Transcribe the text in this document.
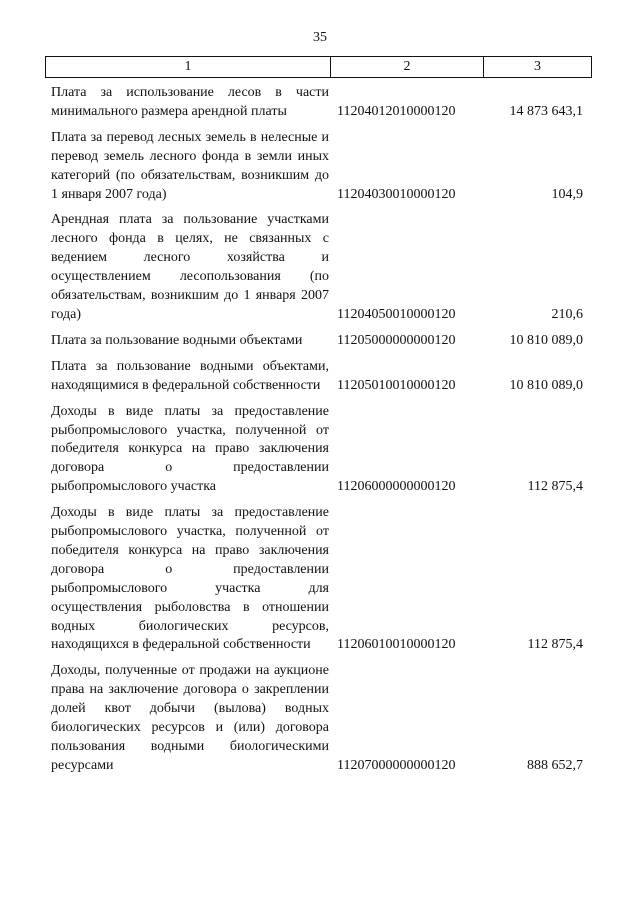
35
1	2	3
Плата за использование лесов в части минимального размера арендной платы	11204012010000120	14 873 643,1
Плата за перевод лесных земель в нелесные и перевод земель лесного фонда в земли иных категорий (по обязательствам, возникшим до 1 января 2007 года)	11204030010000120	104,9
Арендная плата за пользование участками лесного фонда в целях, не связанных с ведением лесного хозяйства и осуществлением лесопользования (по обязательствам, возникшим до 1 января 2007 года)	11204050010000120	210,6
Плата за пользование водными объектами	11205000000000120	10 810 089,0
Плата за пользование водными объектами, находящимися в федеральной собственности	11205010010000120	10 810 089,0
Доходы в виде платы за предоставление рыбопромыслового участка, полученной от победителя конкурса на право заключения договора о предоставлении рыбопромыслового участка	11206000000000120	112 875,4
Доходы в виде платы за предоставление рыбопромыслового участка, полученной от победителя конкурса на право заключения договора о предоставлении рыбопромыслового участка для осуществления рыболовства в отношении водных биологических ресурсов, находящихся в федеральной собственности	11206010010000120	112 875,4
Доходы, полученные от продажи на аукционе права на заключение договора о закреплении долей квот добычи (вылова) водных биологических ресурсов и (или) договора пользования водными биологическими ресурсами	11207000000000120	888 652,7
